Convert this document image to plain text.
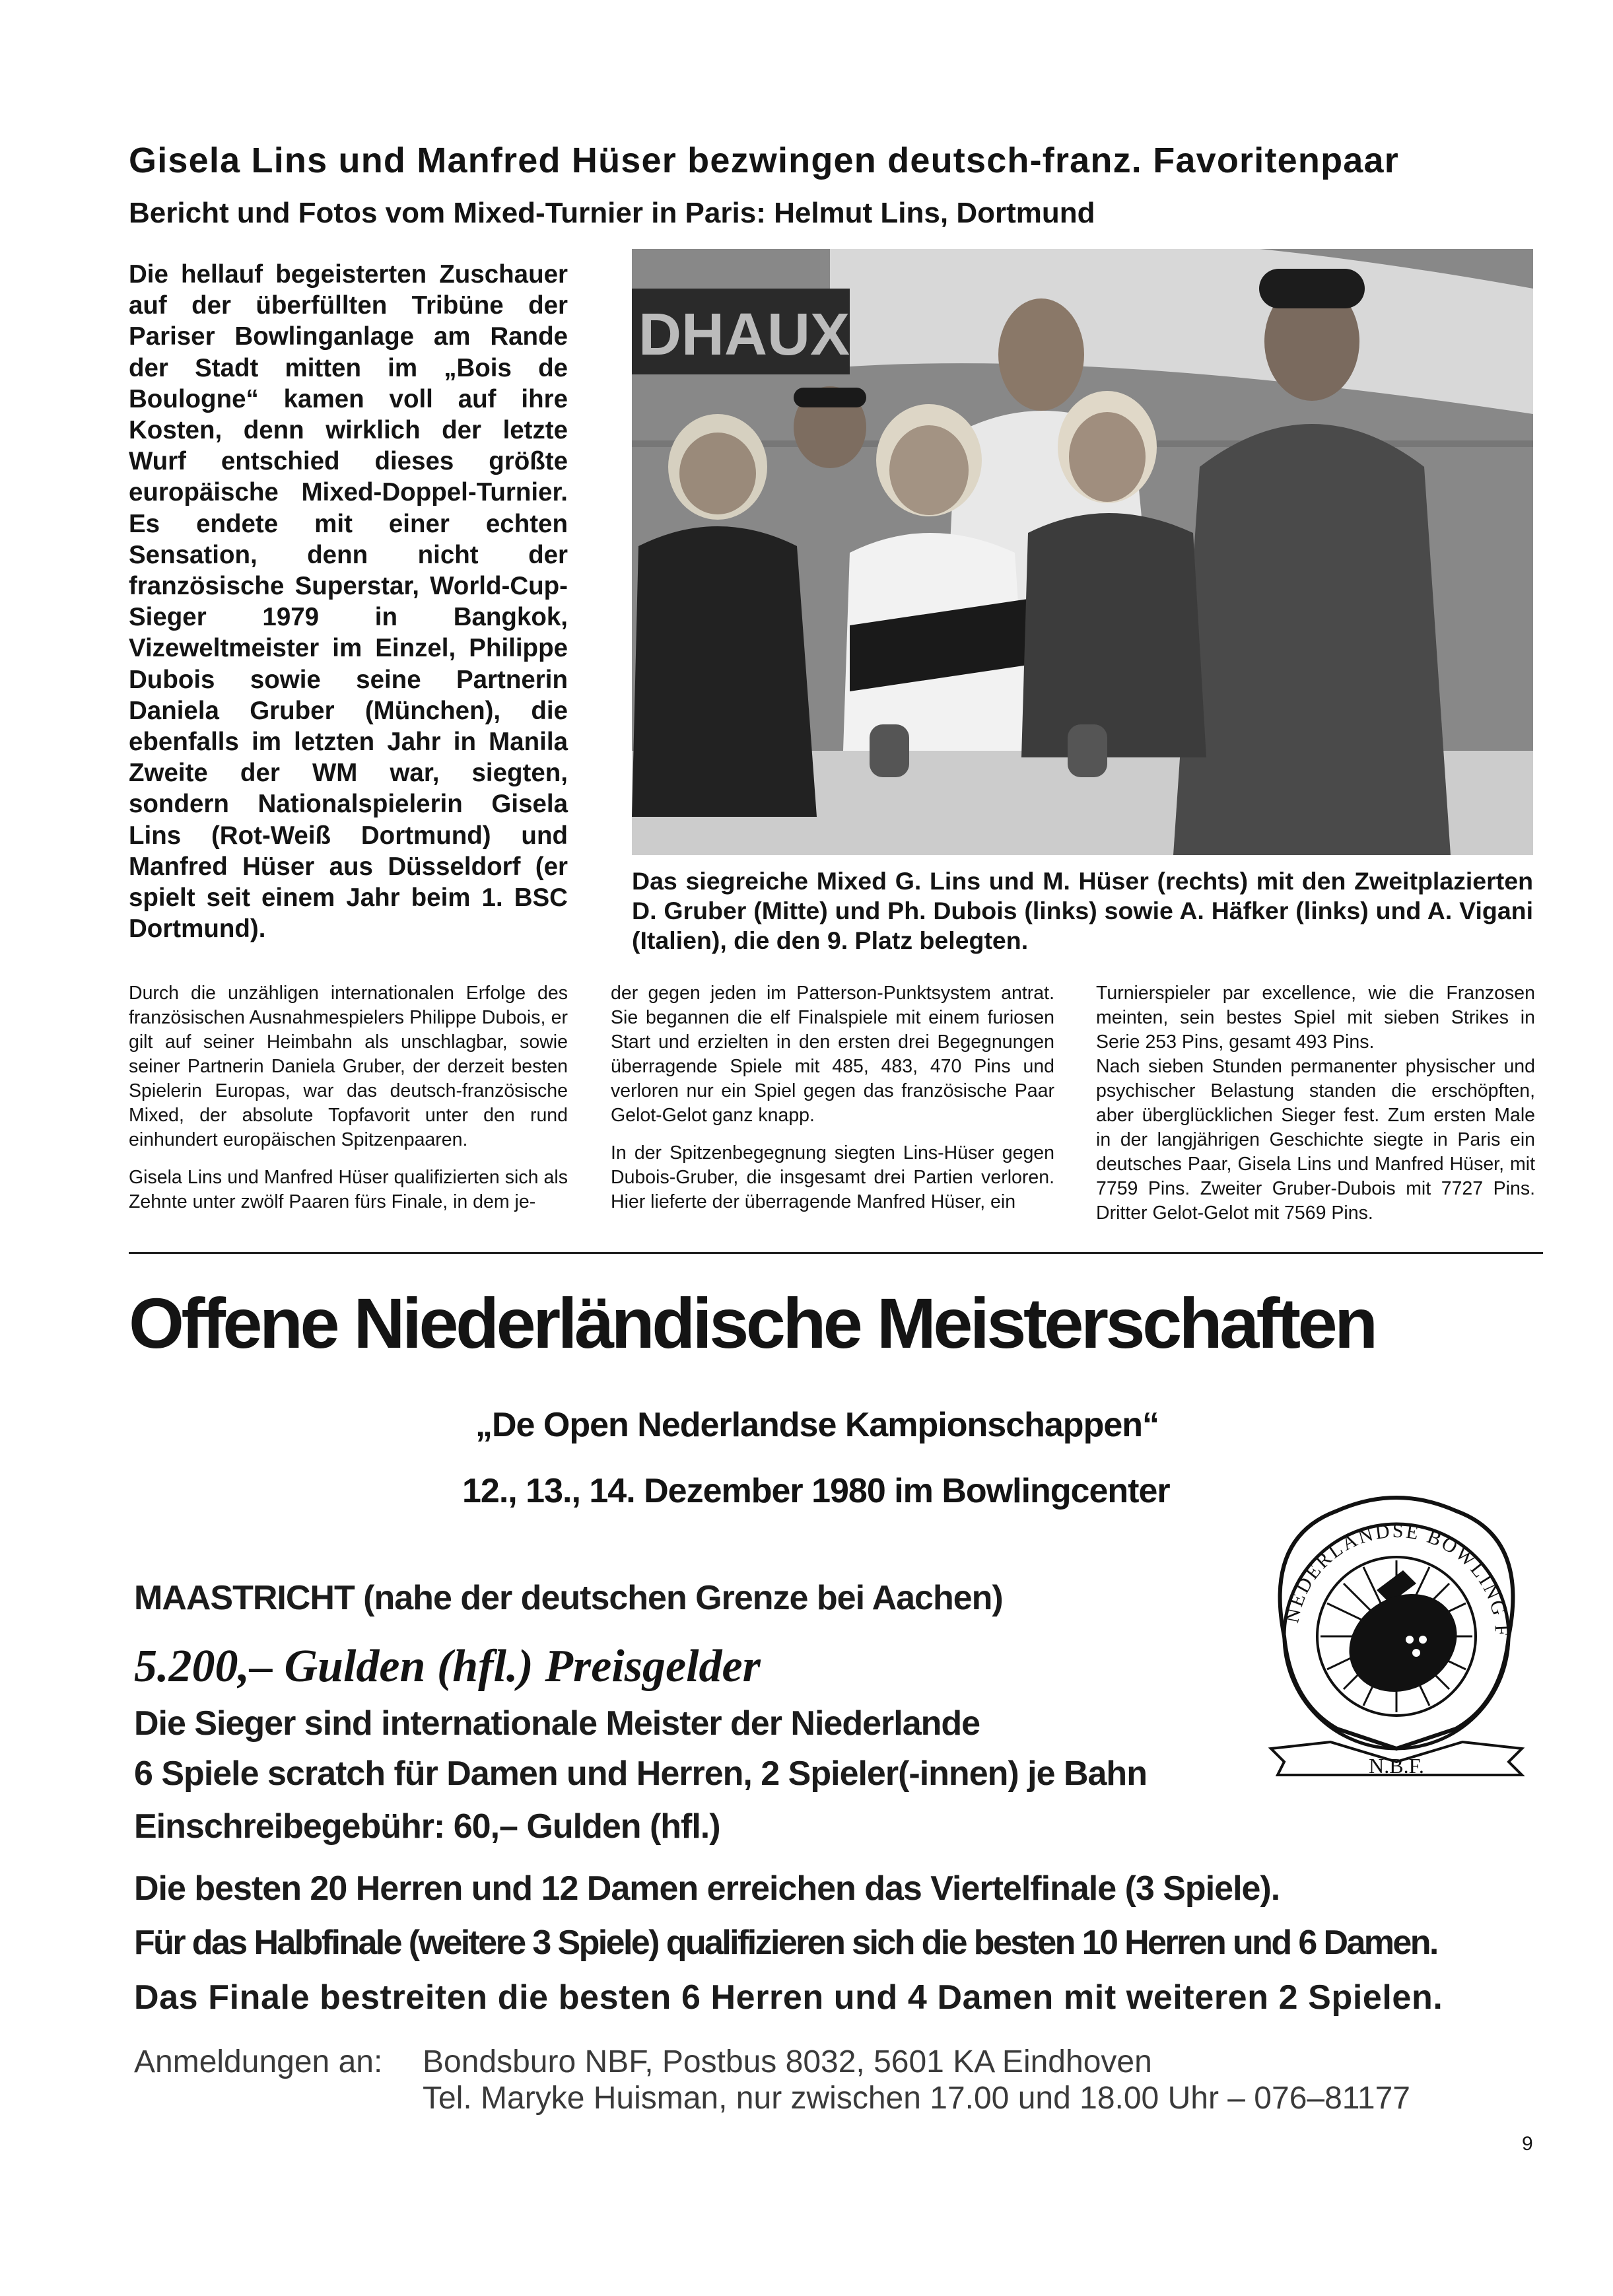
Gisela Lins und Manfred Hüser bezwingen deutsch-franz. Favoritenpaar
Bericht und Fotos vom Mixed-Turnier in Paris: Helmut Lins, Dortmund
Die hellauf begeisterten Zuschauer auf der überfüllten Tribüne der Pariser Bowlinganlage am Rande der Stadt mitten im „Bois de Boulogne“ kamen voll auf ihre Kosten, denn wirklich der letzte Wurf entschied dieses größte europäische Mixed-Doppel-Turnier. Es endete mit einer echten Sensation, denn nicht der französische Superstar, World-Cup-Sieger 1979 in Bangkok, Vizeweltmeister im Einzel, Philippe Dubois sowie seine Partnerin Daniela Gruber (München), die ebenfalls im letzten Jahr in Manila Zweite der WM war, siegten, sondern Nationalspielerin Gisela Lins (Rot-Weiß Dortmund) und Manfred Hüser aus Düsseldorf (er spielt seit einem Jahr beim 1. BSC Dortmund).
DHAUX
Das siegreiche Mixed G. Lins und M. Hüser (rechts) mit den Zweitplazierten D. Gruber (Mitte) und Ph. Dubois (links) sowie A. Häfker (links) und A. Vigani (Italien), die den 9. Platz belegten.

Durch die unzähligen internationalen Erfolge des französischen Ausnahmespielers Philippe Dubois, er gilt auf seiner Heimbahn als unschlagbar, sowie seiner Partnerin Daniela Gruber, der derzeit besten Spielerin Europas, war das deutsch-französische Mixed, der absolute Topfavorit unter den rund einhundert europäischen Spitzenpaaren.

Gisela Lins und Manfred Hüser qualifizierten sich als Zehnte unter zwölf Paaren fürs Finale, in dem je-

der gegen jeden im Patterson-Punktsystem antrat. Sie begannen die elf Finalspiele mit einem furiosen Start und erzielten in den ersten drei Begegnungen überragende Spiele mit 485, 483, 470 Pins und verloren nur ein Spiel gegen das französische Paar Gelot-Gelot ganz knapp.

In der Spitzenbegegnung siegten Lins-Hüser gegen Dubois-Gruber, die insgesamt drei Partien verloren. Hier lieferte der überragende Manfred Hüser, ein

Turnierspieler par excellence, wie die Franzosen meinten, sein bestes Spiel mit sieben Strikes in Serie 253 Pins, gesamt 493 Pins.

Nach sieben Stunden permanenter physischer und psychischer Belastung standen die erschöpften, aber überglücklichen Sieger fest. Zum ersten Male in der langjährigen Geschichte siegte in Paris ein deutsches Paar, Gisela Lins und Manfred Hüser, mit 7759 Pins. Zweiter Gruber-Dubois mit 7727 Pins. Dritter Gelot-Gelot mit 7569 Pins.

Offene Niederländische Meisterschaften
„De Open Nederlandse Kampionschappen“
12., 13., 14. Dezember 1980 im Bowlingcenter
NEDERLANDSE BOWLING F
N.B.F.
MAASTRICHT (nahe der deutschen Grenze bei Aachen)
5.200,– Gulden (hfl.) Preisgelder
Die Sieger sind internationale Meister der Niederlande
6 Spiele scratch für Damen und Herren, 2 Spieler(-innen) je Bahn
Einschreibegebühr: 60,– Gulden (hfl.)
Die besten 20 Herren und 12 Damen erreichen das Viertelfinale (3 Spiele).
Für das Halbfinale (weitere 3 Spiele) qualifizieren sich die besten 10 Herren und 6 Damen.
Das Finale bestreiten die besten 6 Herren und 4 Damen mit weiteren 2 Spielen.
Anmeldungen an: Bondsburo NBF, Postbus 8032, 5601 KA Eindhoven
Tel. Maryke Huisman, nur zwischen 17.00 und 18.00 Uhr – 076–81177
9
